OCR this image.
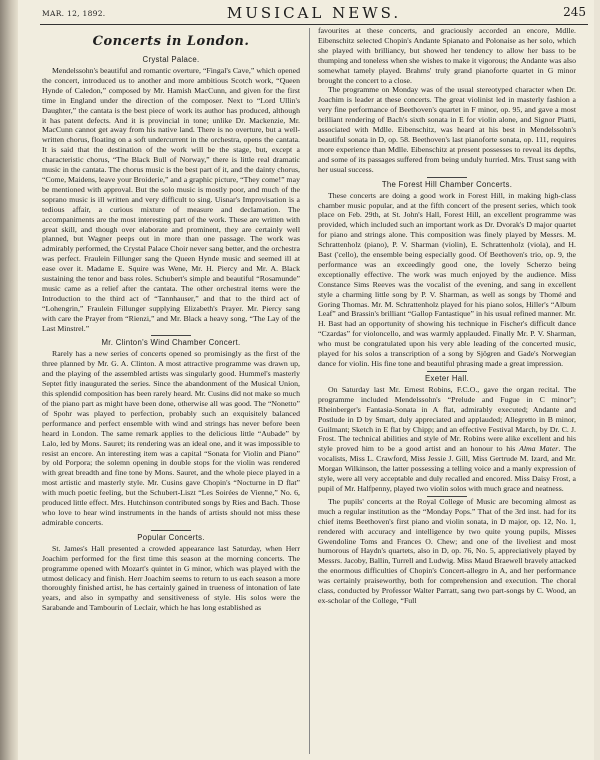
MAR. 12, 1892.	MUSICAL NEWS.	245
Concerts in London.
Crystal Palace.

Mendelssohn's beautiful and romantic overture, “Fingal's Cave,” which opened the concert, introduced us to another and more ambitious Scotch work, “Queen Hynde of Caledon,” composed by Mr. Hamish MacCunn, and given for the first time in England under the direction of the composer. Next to “Lord Ullin's Daughter,” the cantata is the best piece of work its author has produced, although it has patent defects. And it is provincial in tone; unlike Dr. Mackenzie, Mr. MacCunn cannot get away from his native land. There is no overture, but a well-written chorus, floating on a soft undercurrent in the orchestra, opens the cantata. It is said that the destination of the work will be the stage, but, except a characteristic chorus, “The Black Bull of Norway,” there is little real dramatic music in the cantata. The chorus music is the best part of it, and the dainty chorus, “Come, Maidens, leave your Broiderie,” and a graphic picture, “They come!” may be mentioned with approval. But the solo music is mostly poor, and much of the soprano music is ill written and very difficult to sing. Uisnar's Improvisation is a tedious affair, a curious mixture of measure and declamation. The accompaniments are the most interesting part of the work. These are written with great skill, and though over elaborate and prominent, they are certainly well planned, but Wagner peeps out in more than one passage. The work was admirably performed, the Crystal Palace Choir never sang better, and the orchestra was perfect. Fraulein Fillunger sang the Queen Hynde music and seemed ill at ease over it. Madame E. Squire was Wene, Mr. H. Piercy and Mr. A. Black sustaining the tenor and bass roles. Schubert's simple and beautiful “Rosamunde” music came as a relief after the cantata. The other orchestral items were the Introduction to the third act of “Tannhauser,” and that to the third act of “Lohengrin,” Fraulein Fillunger supplying Elizabeth's Prayer. Mr. Piercy sang with care the Prayer from “Rienzi,” and Mr. Black a heavy song, “The Lay of the Last Minstrel.”

Mr. Clinton's Wind Chamber Concert.

Rarely has a new series of concerts opened so promisingly as the first of the three planned by Mr. G. A. Clinton. A most attractive programme was drawn up, and the playing of the assembled artists was singularly good. Hummel's masterly Septet fitly inaugurated the series. Since the abandonment of the Musical Union, this splendid composition has been rarely heard. Mr. Cusins did not make so much of the piano part as might have been done, otherwise all was good. The “Nonetto” of Spohr was played to perfection, probably such an exquisitely balanced performance and perfect ensemble with wind and strings has never before been heard in London. The same remark applies to the delicious little “Aubade” by Lalo, led by Mons. Sauret; its rendering was an ideal one, and it was impossible to resist an encore. An interesting item was a capital “Sonata for Violin and Piano” by old Porpora; the solemn opening in double stops for the violin was rendered with great breadth and fine tone by Mons. Sauret, and the whole piece played in a most artistic and masterly style. Mr. Cusins gave Chopin's “Nocturne in D flat” with much poetic feeling, but the Schubert-Liszt “Les Soirées de Vienne,” No. 6, produced little effect. Mrs. Hutchinson contributed songs by Ries and Bach. Those who love to hear wind instruments in the hands of artists should not miss these admirable concerts.

Popular Concerts.

St. James's Hall presented a crowded appearance last Saturday, when Herr Joachim performed for the first time this season at the morning concerts. The programme opened with Mozart's quintet in G minor, which was played with the utmost delicacy and finish. Herr Joachim seems to return to us each season a more thoroughly finished artist, he has certainly gained in trueness of intonation of late years, and also in sympathy and sensitiveness of style. His solos were the Sarabande and Tambourin of Leclair, which he has long established as

favourites at these concerts, and graciously accorded an encore, Mdlle. Eibenschitz selected Chopin's Andante Spianato and Polonaise as her solo, which she played with brilliancy, but showed her tendency to allow her bass to be thumping and toneless when she wishes to make it vigorous; the Andante was also somewhat tamely played. Brahms' truly grand pianoforte quartet in G minor brought the concert to a close.

The programme on Monday was of the usual stereotyped character when Dr. Joachim is leader at these concerts. The great violinist led in masterly fashion a very fine performance of Beethoven's quartet in F minor, op. 95, and gave a most brilliant rendering of Bach's sixth sonata in E for violin alone, and Signor Piatti, associated with Mdlle. Eibenschitz, was heard at his best in Mendelssohn's beautiful sonata in D, op. 58. Beethoven's last pianoforte sonata, op. 111, requires more experience than Mdlle. Eibenschitz at present possesses to reveal its depths, and some of its passages suffered from being unduly hurried. Mrs. Trust sang with her usual success.

The Forest Hill Chamber Concerts.

These concerts are doing a good work in Forest Hill, in making high-class chamber music popular, and at the fifth concert of the present series, which took place on Feb. 29th, at St. John's Hall, Forest Hill, an excellent programme was provided, which included such an important work as Dr. Dvorak's D major quartet for piano and strings alone. This composition was finely played by Messrs. M. Schrattenholz (piano), P. V. Sharman (violin), E. Schrattenholz (viola), and H. Bast ('cello), the ensemble being especially good. Of Beethoven's trio, op. 9, the performance was an exceedingly good one, the lovely Scherzo being exceptionally effective. The work was much enjoyed by the audience. Miss Constance Sims Reeves was the vocalist of the evening, and sang in excellent style a charming little song by P. V. Sharman, as well as songs by Thomé and Goring Thomas. Mr. M. Schrattenholz played for his piano solos, Hiller's “Album Leaf” and Brassin's brilliant “Gallop Fantastique” in his usual refined manner. Mr. H. Bast had an opportunity of showing his technique in Fischer's difficult dance “Czardas” for violoncello, and was warmly applauded. Finally Mr. P. V. Sharman, who must be congratulated upon his very able leading of the concerted music, played for his solos a transcription of a song by Sjögren and Gade's Norwegian dance for violin. His fine tone and beautiful phrasing made a great impression.

Exeter Hall.

On Saturday last Mr. Ernest Robins, F.C.O., gave the organ recital. The programme included Mendelssohn's “Prelude and Fugue in C minor”; Rheinberger's Fantasia-Sonata in A flat, admirably executed; Andante and Postlude in D by Smart, duly appreciated and applauded; Allegretto in B minor, Guilmant; Sketch in E flat by Chipp; and an effective Festival March, by Dr. C. J. Frost. The technical abilities and style of Mr. Robins were alike excellent and his style proved him to be a good artist and an honour to his Alma Mater. The vocalists, Miss L. Crawford, Miss Jessie J. Gill, Miss Gertrude M. Izard, and Mr. Morgan Wilkinson, the latter possessing a telling voice and a manly expression of style, were all very acceptable and duly recalled and encored. Miss Daisy Frost, a pupil of Mr. Halfpenny, played two violin solos with much grace and neatness.

The pupils' concerts at the Royal College of Music are becoming almost as much a regular institution as the “Monday Pops.” That of the 3rd inst. had for its chief items Beethoven's first piano and violin sonata, in D major, op. 12, No. 1, rendered with accuracy and intelligence by two quite young pupils, Misses Gwendoline Toms and Frances O. Chew; and one of the liveliest and most humorous of Haydn's quartets, also in D, op. 76, No. 5, appreciatively played by Messrs. Jacoby, Ballin, Turrell and Ludwig. Miss Maud Braewell bravely attacked the enormous difficulties of Chopin's Concert-allegro in A, and her performance was certainly praiseworthy, both for comprehension and execution. The choral class, conducted by Professor Walter Parratt, sang two part-songs by C. Wood, an ex-scholar of the College, “Full
